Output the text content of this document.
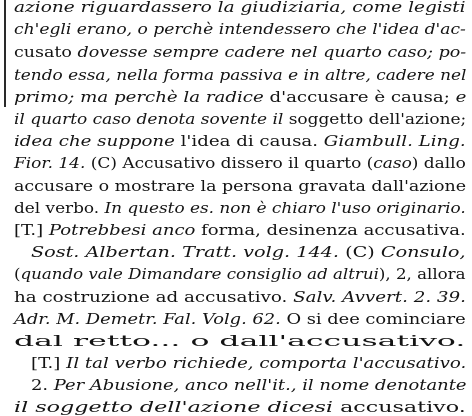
azione riguardassero la giudiziaria, come legisti
ch'egli erano, o perchè intendessero che l'idea d'ac-
cusato dovesse sempre cadere nel quarto caso; po-
tendo essa, nella forma passiva e in altre, cadere nel
primo; ma perchè la radice d'accusare è causa; e
il quarto caso denota sovente il soggetto dell'azione;
idea che suppone l'idea di causa. Giambull. Ling.
Fior. 14. (C) Accusativo dissero il quarto (caso) dallo
accusare o mostrare la persona gravata dall'azione
del verbo. In questo es. non è chiaro l'uso originario.
[T.] Potrebbesi anco forma, desinenza accusativa.
Sost. Albertan. Tratt. volg. 144. (C) Consulo,
(quando vale Dimandare consiglio ad altrui), 2, allora
ha costruzione ad accusativo. Salv. Avvert. 2. 39.
Adr. M. Demetr. Fal. Volg. 62. O si dee cominciare
dal retto... o dall'accusativo.
[T.] Il tal verbo richiede, comporta l'accusativo.
2. Per Abusione, anco nell'it., il nome denotante
il soggetto dell'azione dicesi accusativo.
